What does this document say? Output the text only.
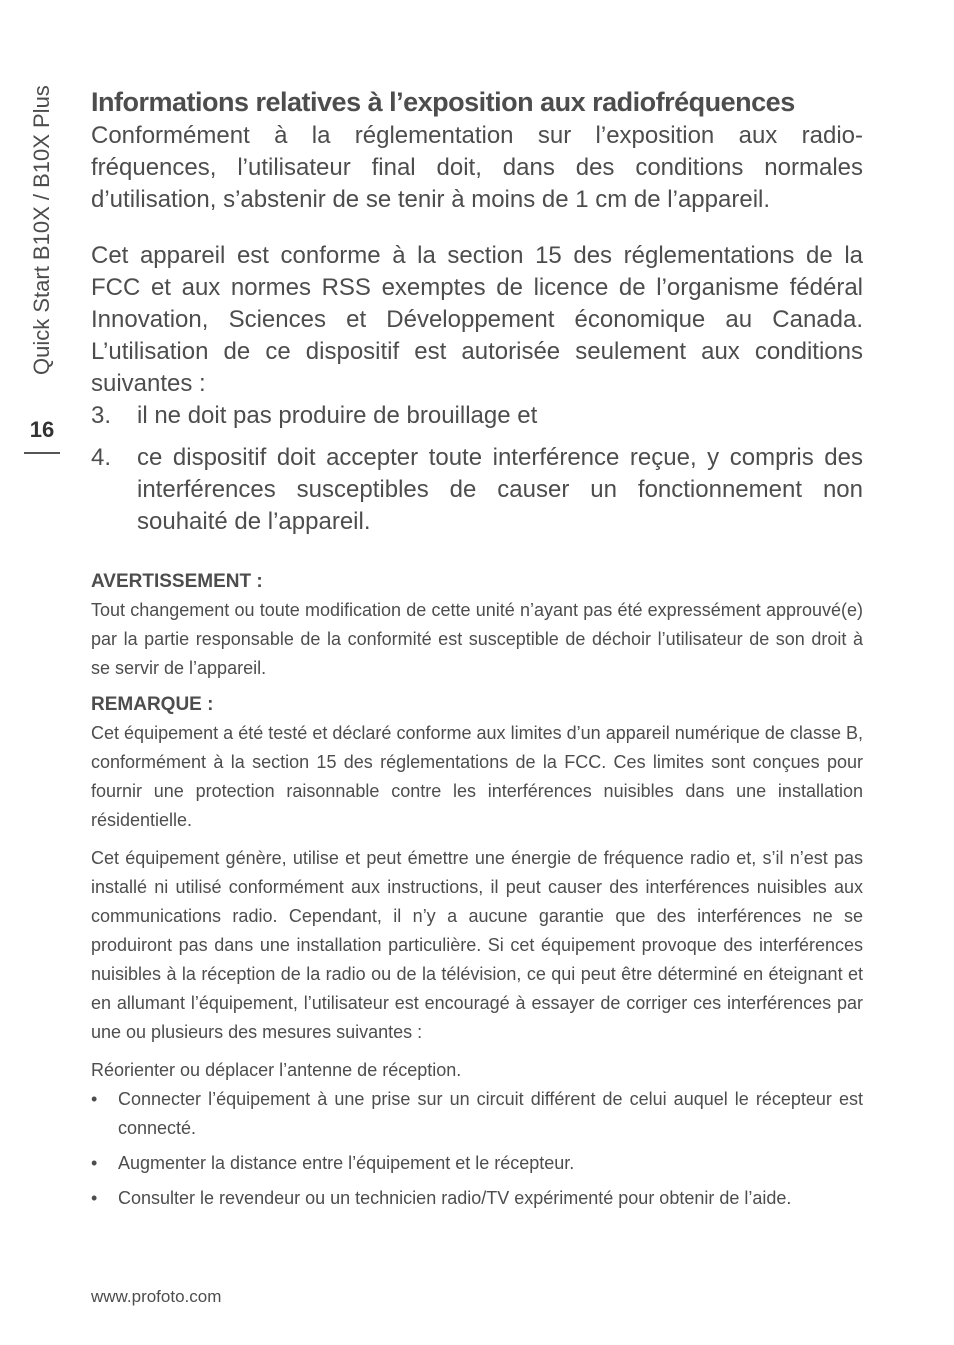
Quick Start B10X / B10X Plus
16
Informations relatives à l’exposition aux radiofréquences

Conformément à la réglementation sur l’exposition aux radio-fréquences, l’utilisateur final doit, dans des conditions normales d’utilisation, s’abstenir de se tenir à moins de 1 cm de l’appareil.

Cet appareil est conforme à la section 15 des réglementations de la FCC et aux normes RSS exemptes de licence de l’organisme fédéral Innovation, Sciences et Développement économique au Canada. L’utilisation de ce dispositif est autorisée seulement aux conditions suivantes :

3.	il ne doit pas produire de brouillage et
4.	ce dispositif doit accepter toute interférence reçue, y compris des interférences susceptibles de causer un fonctionnement non souhaité de l’appareil.
AVERTISSEMENT :

Tout changement ou toute modification de cette unité n’ayant pas été expressément approuvé(e) par la partie responsable de la conformité est susceptible de déchoir l’utilisateur de son droit à se servir de l’appareil.

REMARQUE :

Cet équipement a été testé et déclaré conforme aux limites d’un appareil numérique de classe B, conformément à la section 15 des réglementations de la FCC. Ces limites sont conçues pour fournir une protection raisonnable contre les interférences nuisibles dans une installation résidentielle.

Cet équipement génère, utilise et peut émettre une énergie de fréquence radio et, s’il n’est pas installé ni utilisé conformément aux instructions, il peut causer des interférences nuisibles aux communications radio. Cependant, il n’y a aucune garantie que des interférences ne se produiront pas dans une installation particulière. Si cet équipement provoque des interférences nuisibles à la réception de la radio ou de la télévision, ce qui peut être déterminé en éteignant et en allumant l’équipement, l’utilisateur est encouragé à essayer de corriger ces interférences par une ou plusieurs des mesures suivantes :

Réorienter ou déplacer l’antenne de réception.

•	Connecter l’équipement à une prise sur un circuit différent de celui auquel le récepteur est connecté.
•	Augmenter la distance entre l’équipement et le récepteur.
•	Consulter le revendeur ou un technicien radio/TV expérimenté pour obtenir de l’aide.
www.profoto.com
